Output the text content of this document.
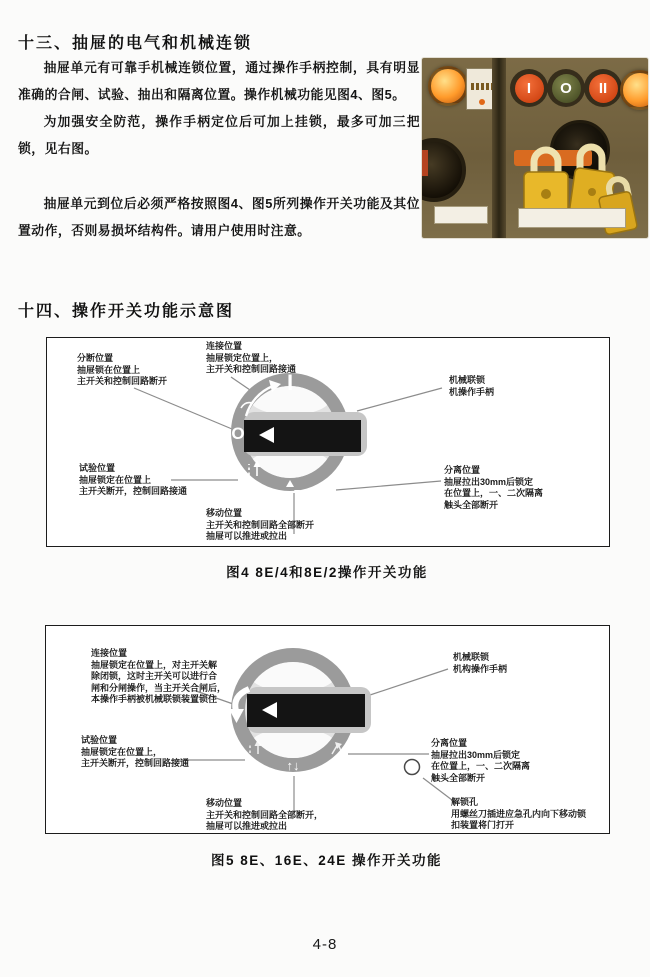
十三、抽屉的电气和机械连锁

抽屉单元有可靠手机械连锁位置，通过操作手柄控制，具有明显准确的合闸、试验、抽出和隔离位置。操作机械功能见图4、图5。

为加强安全防范，操作手柄定位后可加上挂锁，最多可加三把锁，见右图。

抽屉单元到位后必须严格按照图4、图5所列操作开关功能及其位置动作，否则易损坏结构件。请用户使用时注意。

I	O	II
十四、操作开关功能示意图
I
O
分断位置
抽屉锁在位置上
主开关和控制回路断开
连接位置
抽屉锁定位置上，
主开关和控制回路接通
机械联锁
机操作手柄
试验位置
抽屉锁定在位置上
主开关断开，控制回路接通
分离位置
抽屉拉出30mm后锁定
在位置上，一、二次隔离
触头全部断开
移动位置
主开关和控制回路全部断开
抽屉可以推进或拉出
图4 8E/4和8E/2操作开关功能
↑↓
连接位置
抽屉锁定在位置上，对主开关解
除闭锁，这时主开关可以进行合
闸和分闸操作，当主开关合闸后，
本操作手柄被机械联锁装置锁住
机械联锁
机构操作手柄
试验位置
抽屉锁定在位置上，
主开关断开，控制回路接通
分离位置
抽屉拉出30mm后锁定
在位置上，一、二次隔离
触头全部断开
移动位置
主开关和控制回路全部断开，
抽屉可以推进或拉出
解锁孔
用螺丝刀插进应急孔内向下移动锁
扣装置将门打开
图5 8E、16E、24E 操作开关功能
4-8
